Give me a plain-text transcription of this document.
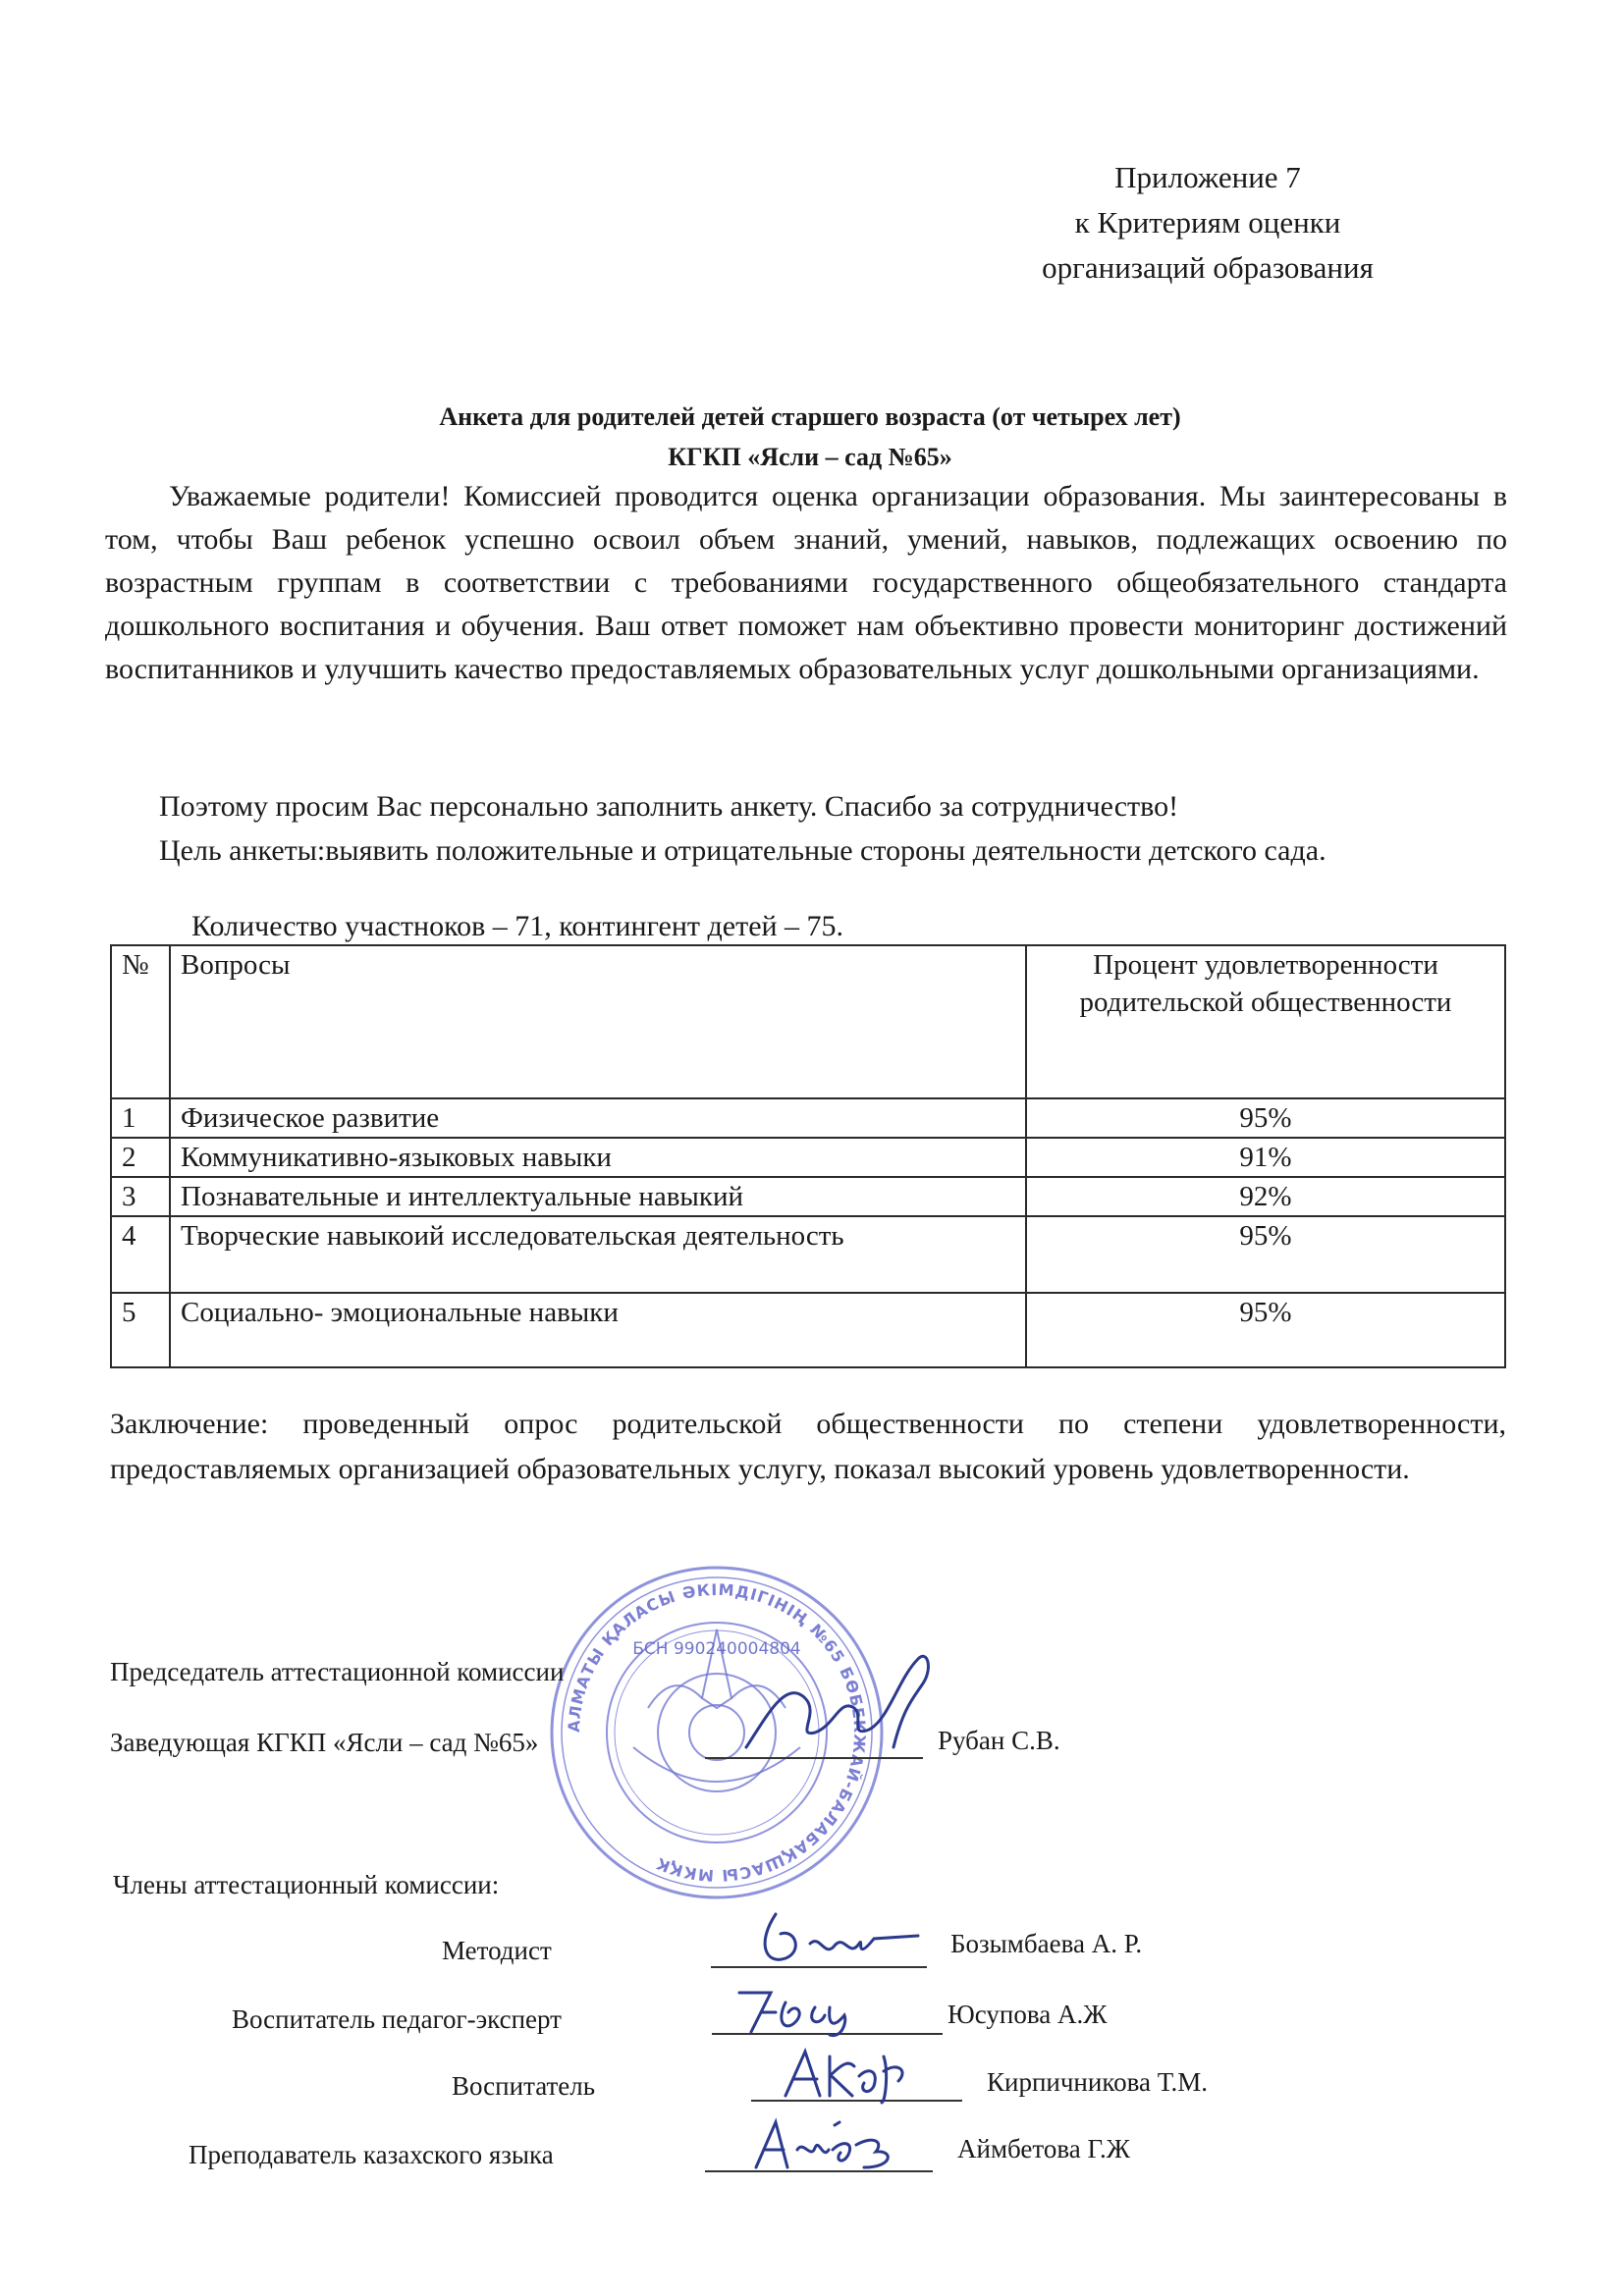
Приложение 7
к Критериям оценки
организаций образования
Анкета для родителей детей старшего возраста (от четырех лет)
КГКП «Ясли – сад №65»
Уважаемые родители! Комиссией проводится оценка организации образования. Мы заинтересованы в том, чтобы Ваш ребенок успешно освоил объем знаний, умений, навыков, подлежащих освоению по возрастным группам в соответствии с требованиями государственного общеобязательного стандарта дошкольного воспитания и обучения. Ваш ответ поможет нам объективно провести мониторинг достижений воспитанников и улучшить качество предоставляемых образовательных услуг дошкольными организациями.
Поэтому просим Вас персонально заполнить анкету. Спасибо за сотрудничество!
Цель анкеты:выявить положительные и отрицательные стороны деятельности детского сада.
Количество участноков – 71, контингент детей – 75.
№	Вопросы	Процент удовлетворенности родительской общественности
1	Физическое развитие	95%
2	Коммуникативно-языковых навыки	91%
3	Познавательные и интеллектуальные навыкий	92%
4	Творческие навыкоий исследовательская деятельность	95%
5	Социально- эмоциональные навыки	95%
Заключение: проведенный опрос родительской общественности по степени удовлетворенности, предоставляемых организацией образовательных услугу, показал высокий уровень удовлетворенности.
АЛМАТЫ ҚАЛАСЫ ӘКІМДІГІНІҢ №65 БӨБЕКЖАЙ-БАЛАБАҚШАСЫ МКҚК
БСН 990240004804
Председатель аттестационной комиссии
Заведующая КГКП «Ясли – сад №65»	Рубан С.В.
Члены аттестационный комиссии:
Методист	Бозымбаева А. Р.
Воспитатель педагог-эксперт	Юсупова А.Ж
Воспитатель	Кирпичникова Т.М.
Преподаватель казахского языка	Аймбетова Г.Ж
